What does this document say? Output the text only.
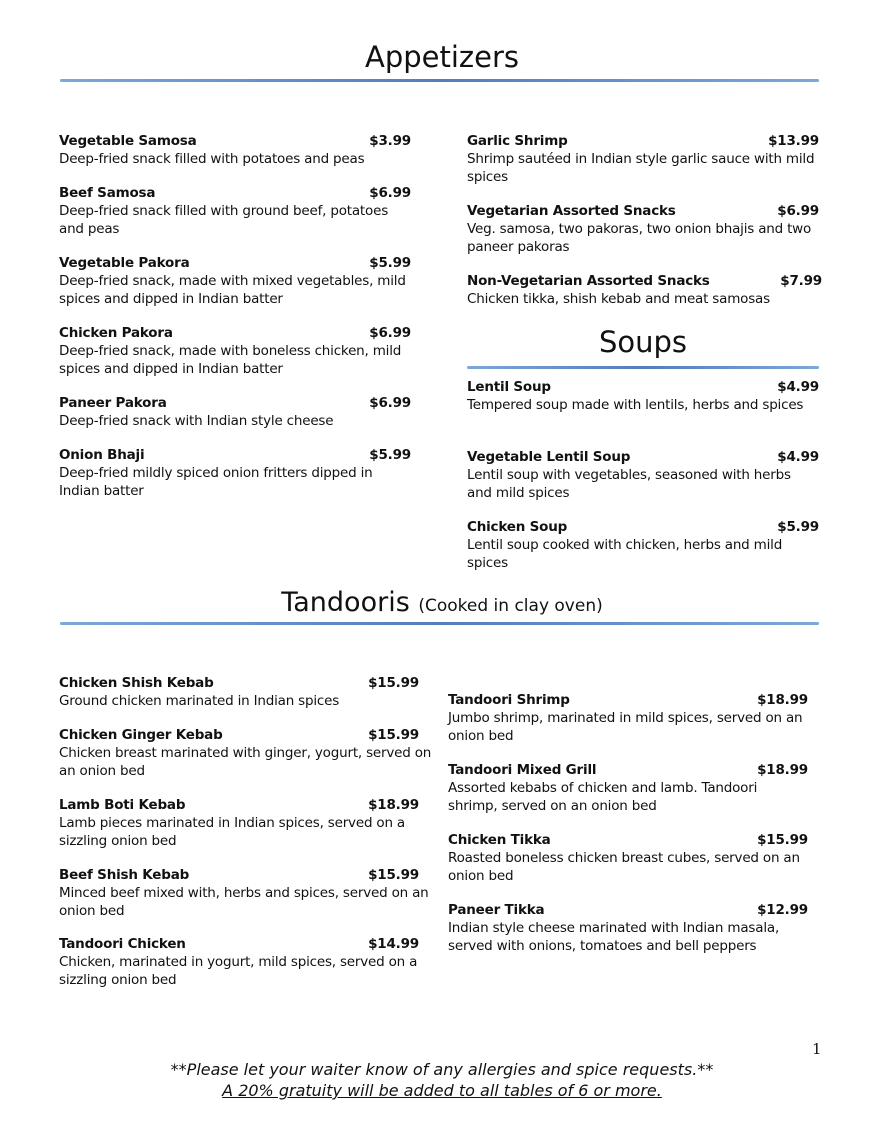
Appetizers
Vegetable Samosa	$3.99
Deep-fried snack filled with potatoes and peas
Beef Samosa	$6.99
Deep-fried snack filled with ground beef, potatoes and peas
Vegetable Pakora	$5.99
Deep-fried snack, made with mixed vegetables, mild spices and dipped in Indian batter
Chicken Pakora	$6.99
Deep-fried snack, made with boneless chicken, mild spices and dipped in Indian batter
Paneer Pakora	$6.99
Deep-fried snack with Indian style cheese
Onion Bhaji	$5.99
Deep-fried mildly spiced onion fritters dipped in Indian batter
Garlic Shrimp	$13.99
Shrimp sautéed in Indian style garlic sauce with mild spices
Vegetarian Assorted Snacks	$6.99
Veg. samosa, two pakoras, two onion bhajis and two paneer pakoras
Non-Vegetarian Assorted Snacks	$7.99
Chicken tikka, shish kebab and meat samosas
Soups
Lentil Soup	$4.99
Tempered soup made with lentils, herbs and spices
Vegetable Lentil Soup	$4.99
Lentil soup with vegetables, seasoned with herbs and mild spices
Chicken Soup	$5.99
Lentil soup cooked with chicken, herbs and mild spices
Tandooris (Cooked in clay oven)
Chicken Shish Kebab	$15.99
Ground chicken marinated in Indian spices
Chicken Ginger Kebab	$15.99
Chicken breast marinated with ginger, yogurt, served on an onion bed
Lamb Boti Kebab	$18.99
Lamb pieces marinated in Indian spices, served on a sizzling onion bed
Beef Shish Kebab	$15.99
Minced beef mixed with, herbs and spices, served on an onion bed
Tandoori Chicken	$14.99
Chicken, marinated in yogurt, mild spices, served on a sizzling onion bed
Tandoori Shrimp	$18.99
Jumbo shrimp, marinated in mild spices, served on an onion bed
Tandoori Mixed Grill	$18.99
Assorted kebabs of chicken and lamb. Tandoori shrimp, served on an onion bed
Chicken Tikka	$15.99
Roasted boneless chicken breast cubes, served on an onion bed
Paneer Tikka	$12.99
Indian style cheese marinated with Indian masala, served with onions, tomatoes and bell peppers
1
**Please let your waiter know of any allergies and spice requests.**
A 20% gratuity will be added to all tables of 6 or more.
